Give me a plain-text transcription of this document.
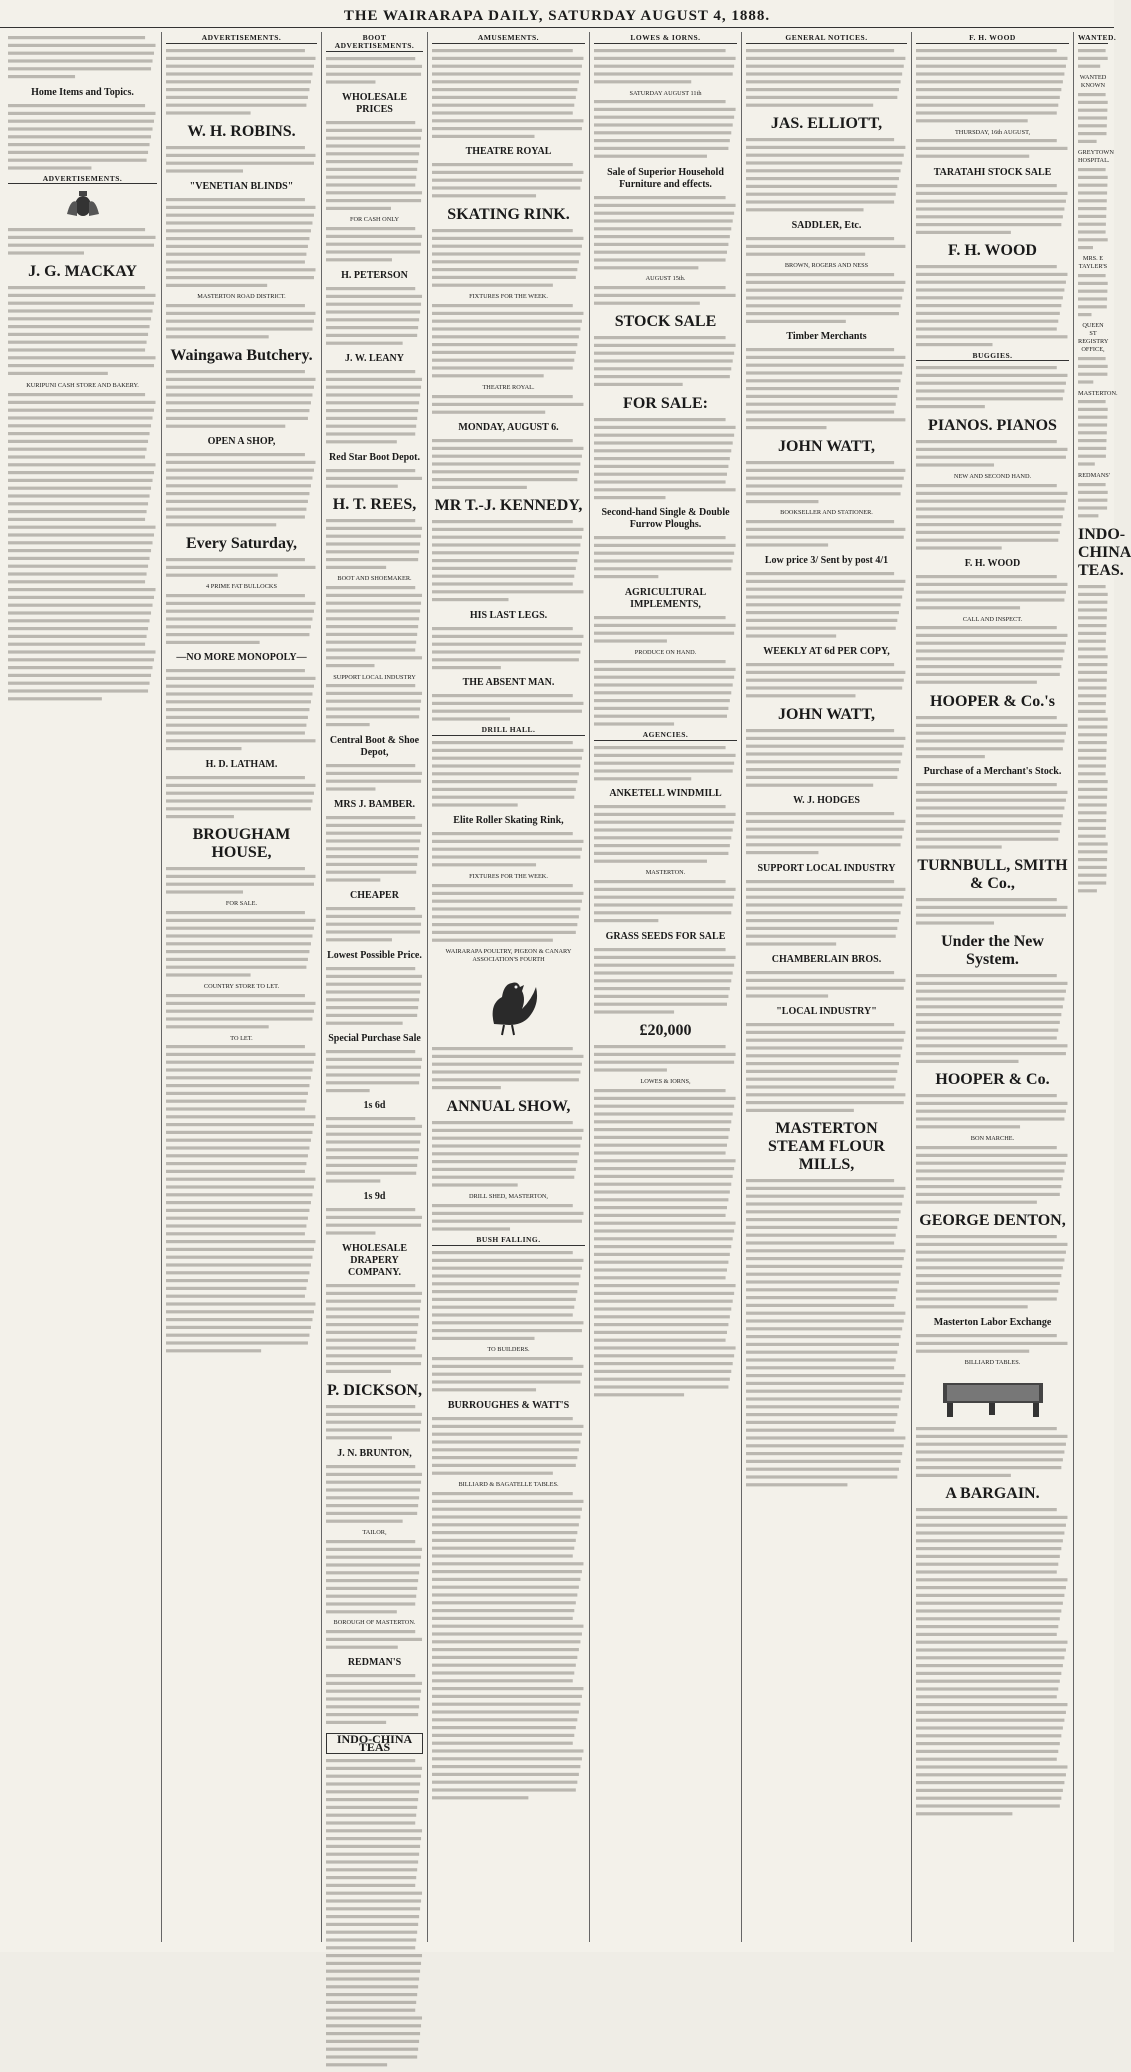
THE WAIRARAPA DAILY, SATURDAY AUGUST 4, 1888.
Home Items and Topics.
ADVERTISEMENTS.
J. G. MACKAY
KURIPUNI CASH STORE AND BAKERY.
ADVERTISEMENTS.
W. H. ROBINS.
"VENETIAN BLINDS"
MASTERTON ROAD DISTRICT.
Waingawa Butchery.
OPEN A SHOP,
Every Saturday,
4 PRIME FAT BULLOCKS
—NO MORE MONOPOLY—
H. D. LATHAM.
BROUGHAM HOUSE,
FOR SALE.
COUNTRY STORE TO LET.
TO LET.
BOOT ADVERTISEMENTS.
WHOLESALE PRICES
FOR CASH ONLY
H. PETERSON
J. W. LEANY
Red Star Boot Depot.
H. T. REES,
BOOT AND SHOEMAKER.
SUPPORT LOCAL INDUSTRY
Central Boot & Shoe Depot,
MRS J. BAMBER.
CHEAPER
Lowest Possible Price.
Special Purchase Sale
1s 6d
1s 9d
WHOLESALE DRAPERY COMPANY.
P. DICKSON,
J. N. BRUNTON,
TAILOR,
BOROUGH OF MASTERTON.
REDMAN'S
INDO-CHINA TEAS
AMUSEMENTS.
THEATRE ROYAL
SKATING RINK.
FIXTURES FOR THE WEEK.
THEATRE ROYAL.
MONDAY, AUGUST 6.
MR T.-J. KENNEDY,
HIS LAST LEGS.
THE ABSENT MAN.
DRILL HALL.
Elite Roller Skating Rink,
FIXTURES FOR THE WEEK.
WAIRARAPA POULTRY, PIGEON & CANARY ASSOCIATION'S FOURTH
ANNUAL SHOW,
DRILL SHED, MASTERTON,
BUSH FALLING.
TO BUILDERS.
BURROUGHES & WATT'S
BILLIARD & BAGATELLE TABLES.
LOWES & IORNS.
SATURDAY AUGUST 11th
Sale of Superior Household Furniture and effects.
AUGUST 15th.
STOCK SALE
FOR SALE:
Second-hand Single & Double Furrow Ploughs.
AGRICULTURAL IMPLEMENTS,
PRODUCE ON HAND.
AGENCIES.
ANKETELL WINDMILL
MASTERTON.
GRASS SEEDS FOR SALE
£20,000
LOWES & IORNS,
GENERAL NOTICES.
JAS. ELLIOTT,
SADDLER, Etc.
BROWN, ROGERS AND NESS
Timber Merchants
JOHN WATT,
BOOKSELLER AND STATIONER.
Low price 3/ Sent by post 4/1
WEEKLY AT 6d PER COPY,
JOHN WATT,
W. J. HODGES
SUPPORT LOCAL INDUSTRY
CHAMBERLAIN BROS.
"LOCAL INDUSTRY"
MASTERTON STEAM FLOUR MILLS,
F. H. WOOD
THURSDAY, 16th AUGUST,
TARATAHI STOCK SALE
F. H. WOOD
BUGGIES.
PIANOS. PIANOS
NEW AND SECOND HAND.
F. H. WOOD
CALL AND INSPECT.
HOOPER & Co.'s
Purchase of a Merchant's Stock.
TURNBULL, SMITH & Co.,
Under the New System.
HOOPER & Co.
BON MARCHE.
GEORGE DENTON,
Masterton Labor Exchange
BILLIARD TABLES.
A BARGAIN.
WANTED.
WANTED KNOWN
GREYTOWN HOSPITAL.
MRS. E TAYLER'S
QUEEN ST REGISTRY OFFICE,
MASTERTON.
REDMANS'
INDO-CHINA TEAS.
